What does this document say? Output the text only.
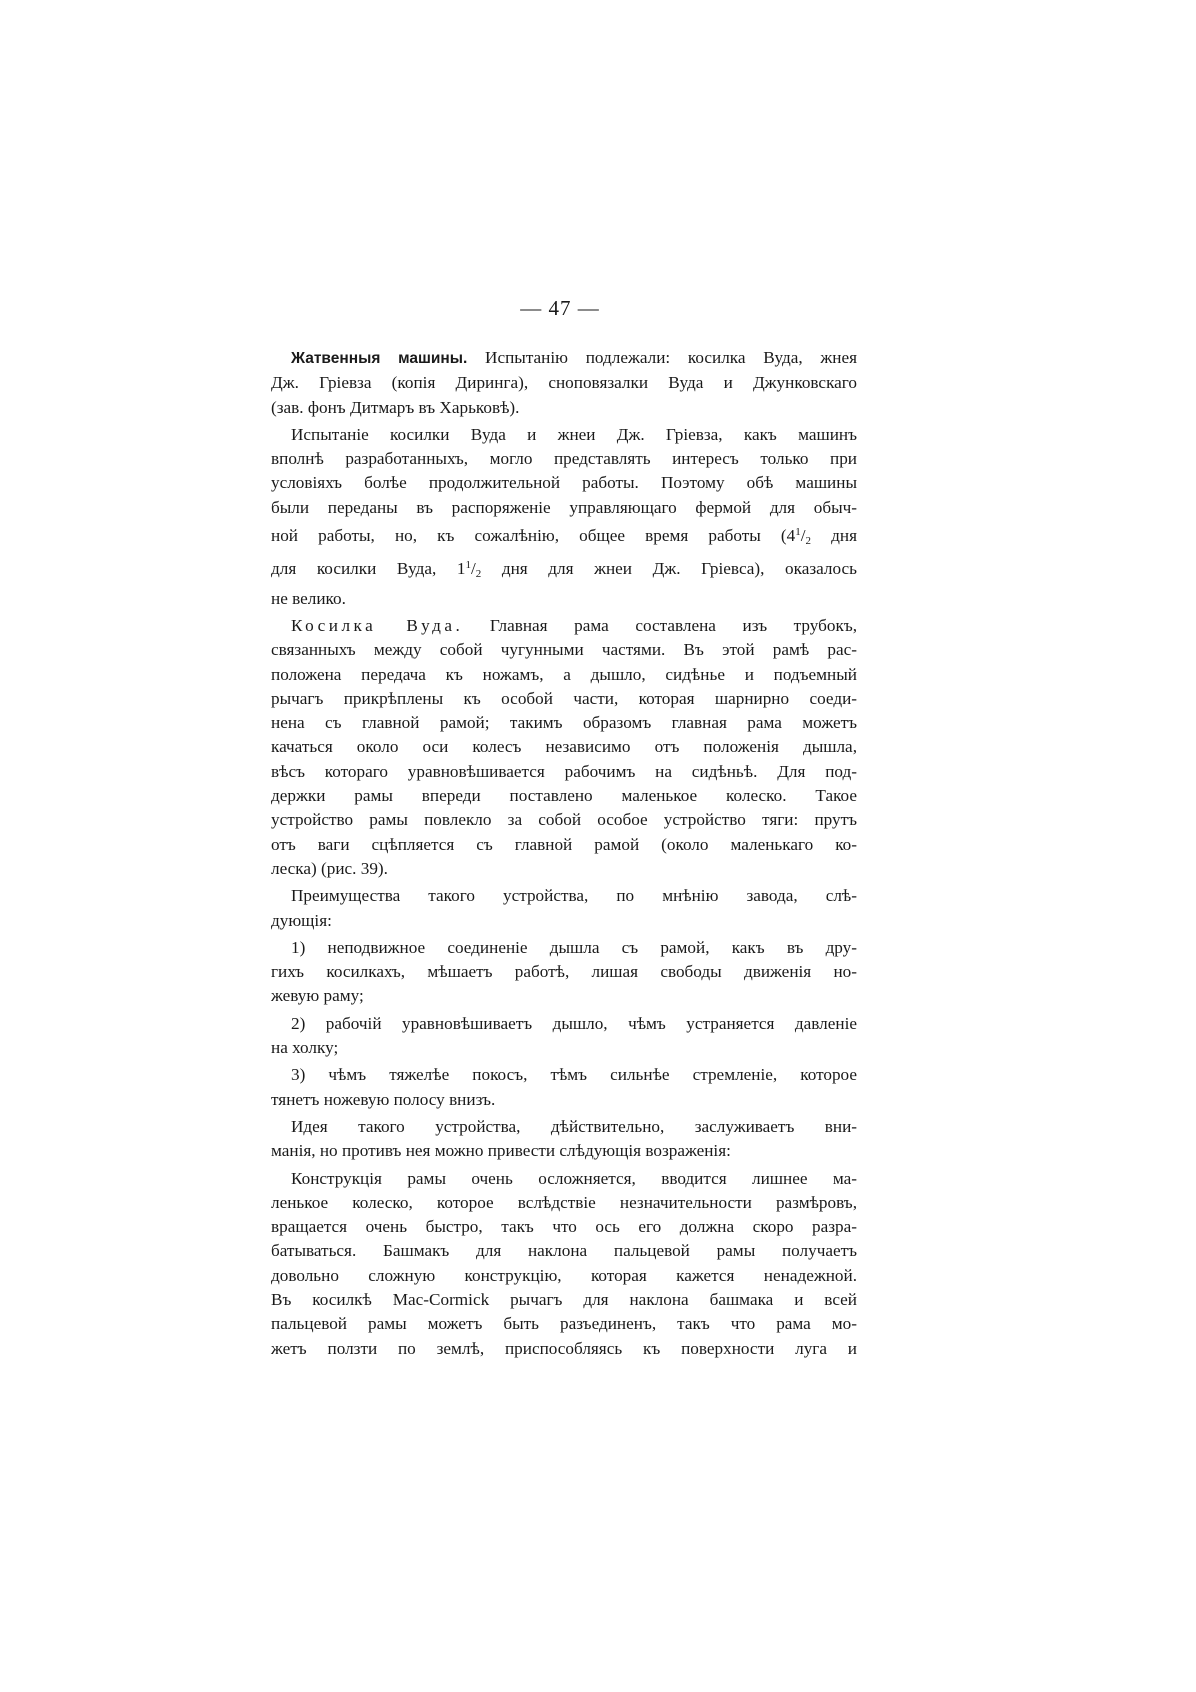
— 47 —
Жатвенныя машины. Испытанію подлежали: косилка Вуда, жнея
Дж. Гріевза (копія Диринга), сноповязалки Вуда и Джунковскаго
(зав. фонъ Дитмаръ въ Харьковѣ).
Испытаніе косилки Вуда и жнеи Дж. Гріевза, какъ машинъ
вполнѣ разработанныхъ, могло представлять интересъ только при
условіяхъ болѣе продолжительной работы. Поэтому обѣ машины
были переданы въ распоряженіе управляющаго фермой для обыч-
ной работы, но, къ сожалѣнію, общее время работы ($4^1/_2$ дня
для косилки Вуда, $1^1/_2$ дня для жнеи Дж. Гріевса), оказалось
не велико.
Косилка Вуда. Главная рама составлена изъ трубокъ,
связанныхъ между собой чугунными частями. Въ этой рамѣ рас-
положена передача къ ножамъ, а дышло, сидѣнье и подъемный
рычагъ прикрѣплены къ особой части, которая шарнирно соеди-
нена съ главной рамой; такимъ образомъ главная рама можетъ
качаться около оси колесъ независимо отъ положенія дышла,
вѣсъ котораго уравновѣшивается рабочимъ на сидѣньѣ. Для под-
держки рамы впереди поставлено маленькое колеско. Такое
устройство рамы повлекло за собой особое устройство тяги: прутъ
отъ ваги сцѣпляется съ главной рамой (около маленькаго ко-
леска) (рис. 39).
Преимущества такого устройства, по мнѣнію завода, слѣ-
дующія:
1) неподвижное соединеніе дышла съ рамой, какъ въ дру-
гихъ косилкахъ, мѣшаетъ работѣ, лишая свободы движенія но-
жевую раму;
2) рабочій уравновѣшиваетъ дышло, чѣмъ устраняется давленіе
на холку;
3) чѣмъ тяжелѣе покосъ, тѣмъ сильнѣе стремленіе, которое
тянетъ ножевую полосу внизъ.
Идея такого устройства, дѣйствительно, заслуживаетъ вни-
манія, но противъ нея можно привести слѣдующія возраженія:
Конструкція рамы очень осложняется, вводится лишнее ма-
ленькое колеско, которое вслѣдствіе незначительности размѣровъ,
вращается очень быстро, такъ что ось его должна скоро разра-
батываться. Башмакъ для наклона пальцевой рамы получаетъ
довольно сложную конструкцію, которая кажется ненадежной.
Въ косилкѣ Mac-Cormick рычагъ для наклона башмака и всей
пальцевой рамы можетъ быть разъединенъ, такъ что рама мо-
жетъ ползти по землѣ, приспособляясь къ поверхности луга и
